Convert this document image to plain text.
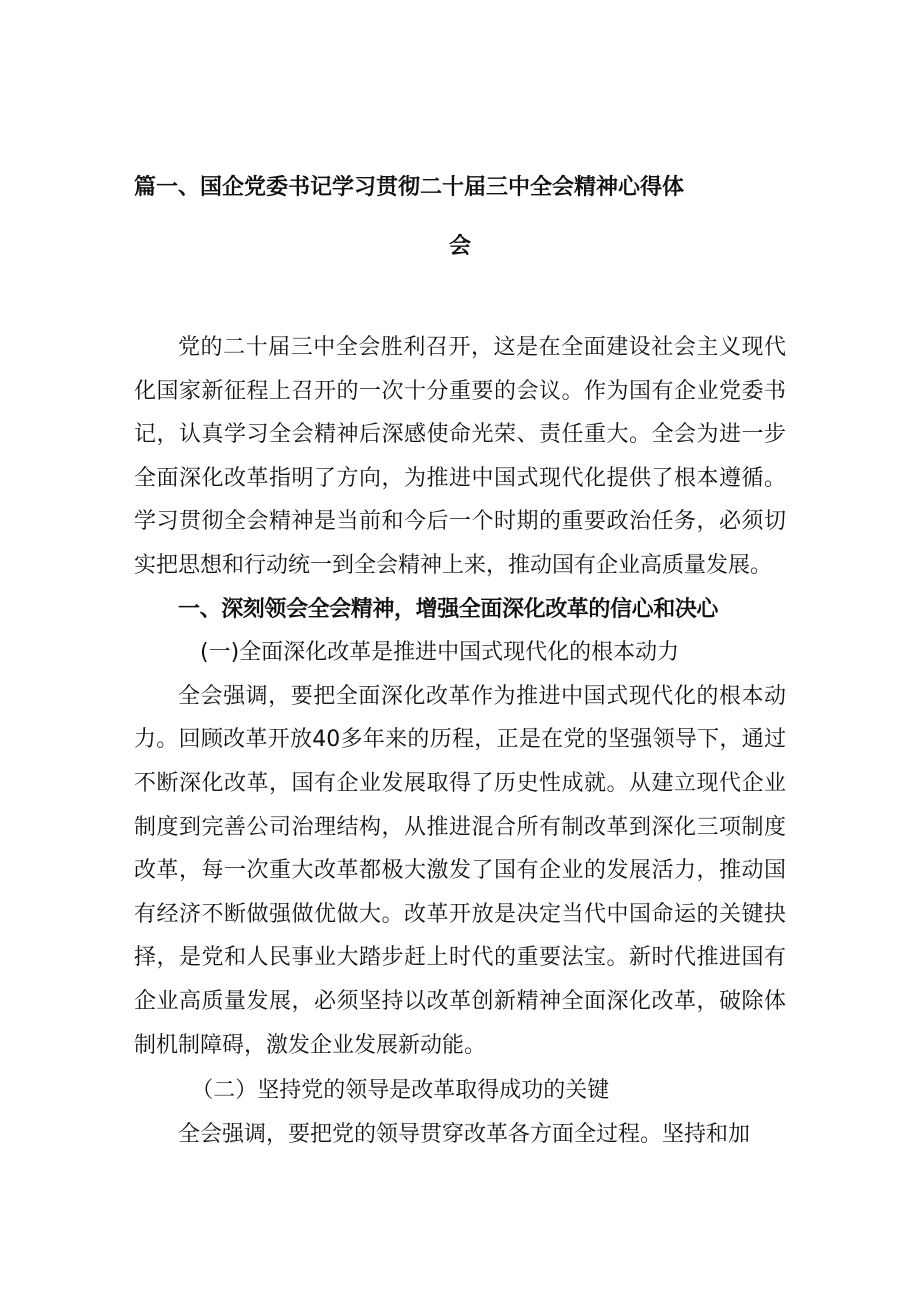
篇一、国企党委书记学习贯彻二十届三中全会精神心得体
会

党的二十届三中全会胜利召开，这是在全面建设社会主义现代化国家新征程上召开的一次十分重要的会议。作为国有企业党委书记，认真学习全会精神后深感使命光荣、责任重大。全会为进一步全面深化改革指明了方向，为推进中国式现代化提供了根本遵循。学习贯彻全会精神是当前和今后一个时期的重要政治任务，必须切实把思想和行动统一到全会精神上来，推动国有企业高质量发展。

一、深刻领会全会精神，增强全面深化改革的信心和决心

(一)全面深化改革是推进中国式现代化的根本动力

全会强调，要把全面深化改革作为推进中国式现代化的根本动力。回顾改革开放40多年来的历程，正是在党的坚强领导下，通过不断深化改革，国有企业发展取得了历史性成就。从建立现代企业制度到完善公司治理结构，从推进混合所有制改革到深化三项制度改革，每一次重大改革都极大激发了国有企业的发展活力，推动国有经济不断做强做优做大。改革开放是决定当代中国命运的关键抉择，是党和人民事业大踏步赶上时代的重要法宝。新时代推进国有企业高质量发展，必须坚持以改革创新精神全面深化改革，破除体制机制障碍，激发企业发展新动能。

（二）坚持党的领导是改革取得成功的关键

全会强调，要把党的领导贯穿改革各方面全过程。坚持和加
